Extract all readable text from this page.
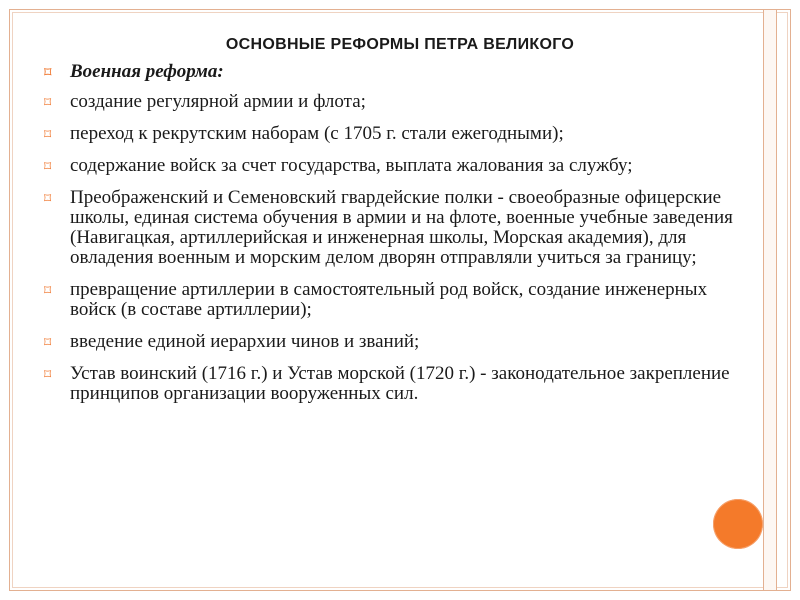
ОСНОВНЫЕ РЕФОРМЫ ПЕТРА ВЕЛИКОГО
⌑ Военная реформа:
⌑ создание регулярной армии и флота;
⌑ переход к рекрутским наборам (с 1705 г. стали ежегодными);
⌑ содержание войск за счет государства, выплата жалования за службу;
⌑ Преображенский и Семеновский гвардейские полки - своеобразные офицерские школы, единая система обучения в армии и на флоте, военные учебные заведения (Навигацкая, артиллерийская и инженерная школы, Морская академия), для овладения военным и морским делом дворян отправляли учиться за границу;
⌑ превращение артиллерии в самостоятельный род войск, создание инженерных войск (в составе артиллерии);
⌑ введение единой иерархии чинов и званий;
⌑ Устав воинский (1716 г.) и Устав морской (1720 г.) - законодательное закрепление принципов организации вооруженных сил.
